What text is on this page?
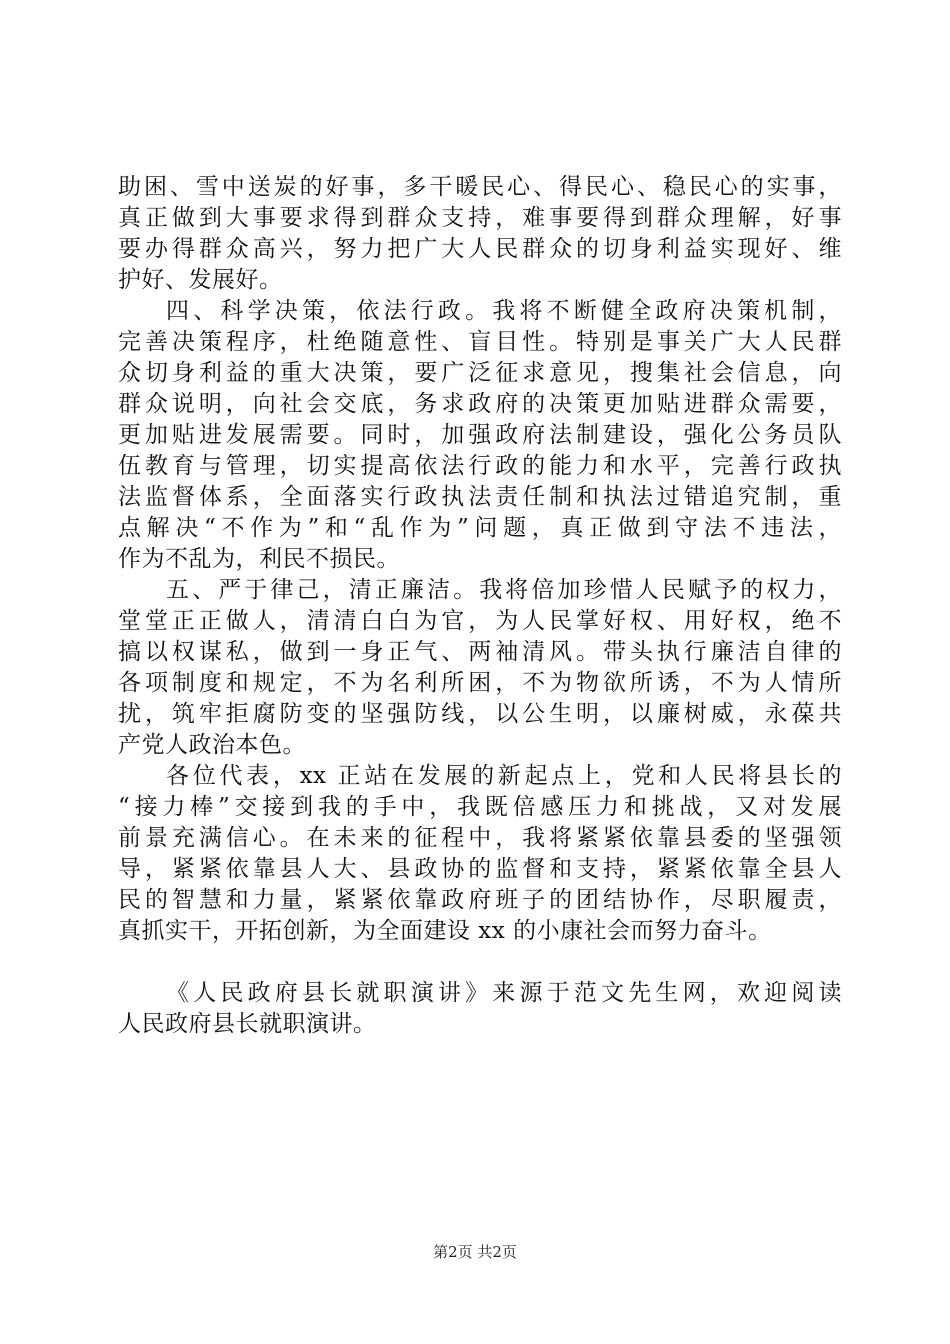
助困、雪中送炭的好事，多干暖民心、得民心、稳民心的实事，
真正做到大事要求得到群众支持，难事要得到群众理解，好事
要办得群众高兴，努力把广大人民群众的切身利益实现好、维
护好、发展好。
四、科学决策，依法行政。我将不断健全政府决策机制，
完善决策程序，杜绝随意性、盲目性。特别是事关广大人民群
众切身利益的重大决策，要广泛征求意见，搜集社会信息，向
群众说明，向社会交底，务求政府的决策更加贴进群众需要，
更加贴进发展需要。同时，加强政府法制建设，强化公务员队
伍教育与管理，切实提高依法行政的能力和水平，完善行政执
法监督体系，全面落实行政执法责任制和执法过错追究制，重
点解决“不作为”和“乱作为”问题，真正做到守法不违法，
作为不乱为，利民不损民。
五、严于律己，清正廉洁。我将倍加珍惜人民赋予的权力，
堂堂正正做人，清清白白为官，为人民掌好权、用好权，绝不
搞以权谋私，做到一身正气、两袖清风。带头执行廉洁自律的
各项制度和规定，不为名利所困，不为物欲所诱，不为人情所
扰，筑牢拒腐防变的坚强防线，以公生明，以廉树威，永葆共
产党人政治本色。
各位代表，xx 正站在发展的新起点上，党和人民将县长的
“接力棒”交接到我的手中，我既倍感压力和挑战，又对发展
前景充满信心。在未来的征程中，我将紧紧依靠县委的坚强领
导，紧紧依靠县人大、县政协的监督和支持，紧紧依靠全县人
民的智慧和力量，紧紧依靠政府班子的团结协作，尽职履责，
真抓实干，开拓创新，为全面建设 xx 的小康社会而努力奋斗。
《人民政府县长就职演讲》来源于范文先生网，欢迎阅读
人民政府县长就职演讲。
第2页 共2页
